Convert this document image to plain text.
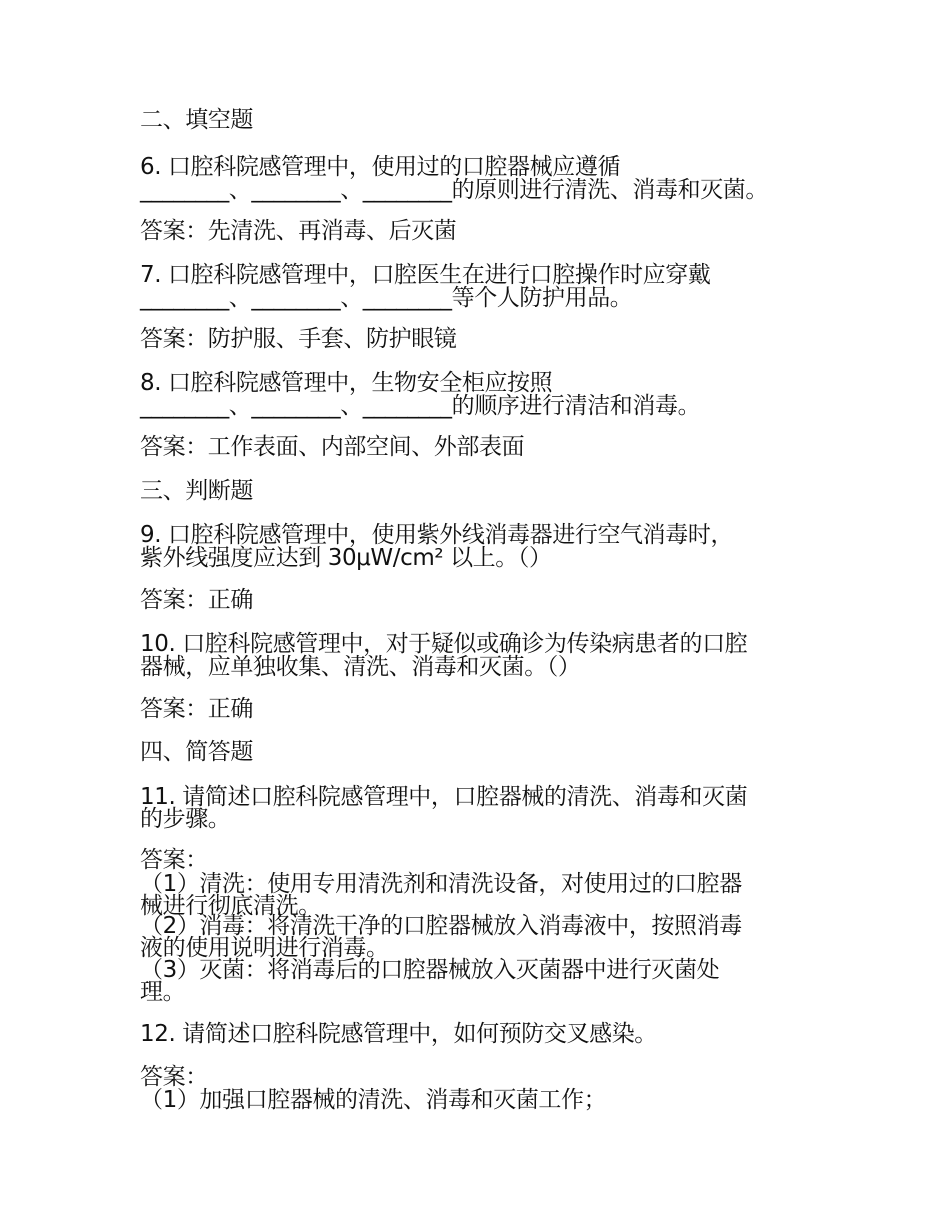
二、填空题

6. 口腔科院感管理中，使用过的口腔器械应遵循

________、________、________的原则进行清洗、消毒和灭菌。

答案：先清洗、再消毒、后灭菌

7. 口腔科院感管理中，口腔医生在进行口腔操作时应穿戴

________、________、________等个人防护用品。

答案：防护服、手套、防护眼镜

8. 口腔科院感管理中，生物安全柜应按照

________、________、________的顺序进行清洁和消毒。

答案：工作表面、内部空间、外部表面

三、判断题

9. 口腔科院感管理中，使用紫外线消毒器进行空气消毒时，

紫外线强度应达到 30μW/cm² 以上。（）

答案：正确

10. 口腔科院感管理中，对于疑似或确诊为传染病患者的口腔

器械，应单独收集、清洗、消毒和灭菌。（）

答案：正确

四、简答题

11. 请简述口腔科院感管理中，口腔器械的清洗、消毒和灭菌

的步骤。

答案：

（1）清洗：使用专用清洗剂和清洗设备，对使用过的口腔器

械进行彻底清洗。

（2）消毒：将清洗干净的口腔器械放入消毒液中，按照消毒

液的使用说明进行消毒。

（3）灭菌：将消毒后的口腔器械放入灭菌器中进行灭菌处

理。

12. 请简述口腔科院感管理中，如何预防交叉感染。

答案：

（1）加强口腔器械的清洗、消毒和灭菌工作；
